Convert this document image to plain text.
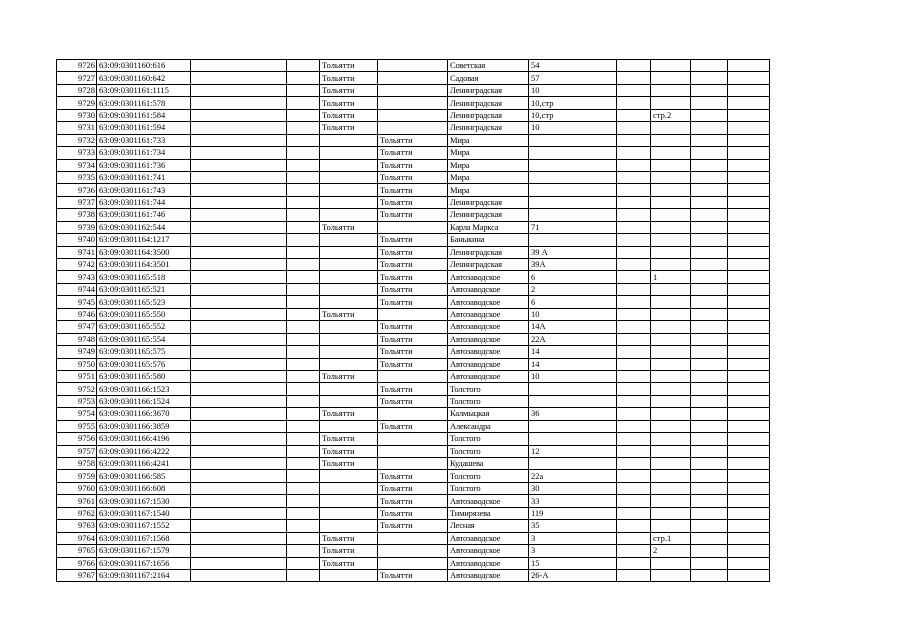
9726	63:09:0301160:616			Тольятти		Советская	54				
9727	63:09:0301160:642			Тольятти		Садовая	57				
9728	63:09:0301161:1115			Тольятти		Ленинградская	10				
9729	63:09:0301161:578			Тольятти		Ленинградская	10,стр				
9730	63:09:0301161:584			Тольятти		Ленинградская	10,стр		стр.2		
9731	63:09:0301161:594			Тольятти		Ленинградская	10				
9732	63:09:0301161:733				Тольятти	Мира					
9733	63:09:0301161:734				Тольятти	Мира					
9734	63:09:0301161:736				Тольятти	Мира					
9735	63:09:0301161:741				Тольятти	Мира					
9736	63:09:0301161:743				Тольятти	Мира					
9737	63:09:0301161:744				Тольятти	Ленинградская					
9738	63:09:0301161:746				Тольятти	Ленинградская					
9739	63:09:0301162:544			Тольятти		Карла Маркса	71				
9740	63:09:0301164:1217				Тольятти	Баныкина					
9741	63:09:0301164:3500				Тольятти	Ленинградская	39 А				
9742	63:09:0301164:3501				Тольятти	Ленинградская	39А				
9743	63:09:0301165:518				Тольятти	Автозаводское	6		1		
9744	63:09:0301165:521				Тольятти	Автозаводское	2				
9745	63:09:0301165:523				Тольятти	Автозаводское	6				
9746	63:09:0301165:550			Тольятти		Автозаводское	10				
9747	63:09:0301165:552				Тольятти	Автозаводское	14А				
9748	63:09:0301165:554				Тольятти	Автозаводское	22А				
9749	63:09:0301165:575				Тольятти	Автозаводское	14				
9750	63:09:0301165:576				Тольятти	Автозаводское	14				
9751	63:09:0301165:580			Тольятти		Автозаводское	10				
9752	63:09:0301166:1523				Тольятти	Толстого					
9753	63:09:0301166:1524				Тольятти	Толстого					
9754	63:09:0301166:3670			Тольятти		Калмыцкая	36				
9755	63:09:0301166:3859				Тольятти	Александра					
9756	63:09:0301166:4196			Тольятти		Толстого					
9757	63:09:0301166:4222			Тольятти		Толстого	12				
9758	63:09:0301166:4241			Тольятти		Кудашева					
9759	63:09:0301166:585				Тольятти	Толстого	22а				
9760	63:09:0301166:608				Тольятти	Толстого	30				
9761	63:09:0301167:1530				Тольятти	Автозаводское	33				
9762	63:09:0301167:1540				Тольятти	Тимирязева	119				
9763	63:09:0301167:1552				Тольятти	Лесная	35				
9764	63:09:0301167:1568			Тольятти		Автозаводское	3		стр.1		
9765	63:09:0301167:1579			Тольятти		Автозаводское	3		2		
9766	63:09:0301167:1656			Тольятти		Автозаводское	15				
9767	63:09:0301167:2164				Тольятти	Автозаводское	26-А				
